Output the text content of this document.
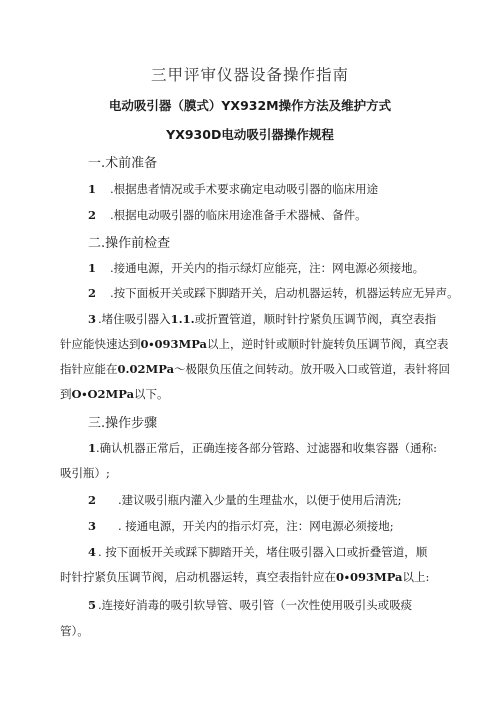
三甲评审仪器设备操作指南
电动吸引器（膜式）YX932M操作方法及维护方式
YX930D电动吸引器操作规程
一.术前准备
1 .根据患者情况或手术要求确定电动吸引器的临床用途
2 .根据电动吸引器的临床用途准备手术器械、备件。
二.操作前检查
1 .接通电源，开关内的指示绿灯应能亮，注：网电源必须接地。
2 .按下面板开关或踩下脚踏开关，启动机器运转，机器运转应无异声。
3 .堵住吸引器入1.1.或折置管道，顺时针拧紧负压调节阀，真空表指
针应能快速达到0∙093MPa以上，逆时针或顺时针旋转负压调节阀，真空表
指针应能在0.02MPa～极限负压值之间转动。放开吸入口或管道，表针将回
到O∙O2MPa以下。
三.操作步骤
1.确认机器正常后，正确连接各部分管路、过滤器和收集容器（通称:
吸引瓶）;
2 .建议吸引瓶内灌入少量的生理盐水，以便于使用后清洗;
3 . 接通电源，开关内的指示灯亮，注：网电源必须接地;
4 . 按下面板开关或踩下脚踏开关，堵住吸引器入口或折叠管道，顺
时针拧紧负压调节阀，启动机器运转，真空表指针应在0∙093MPa以上:
5 .连接好消毒的吸引软导管、吸引管（一次性使用吸引头或吸痰
管）。
